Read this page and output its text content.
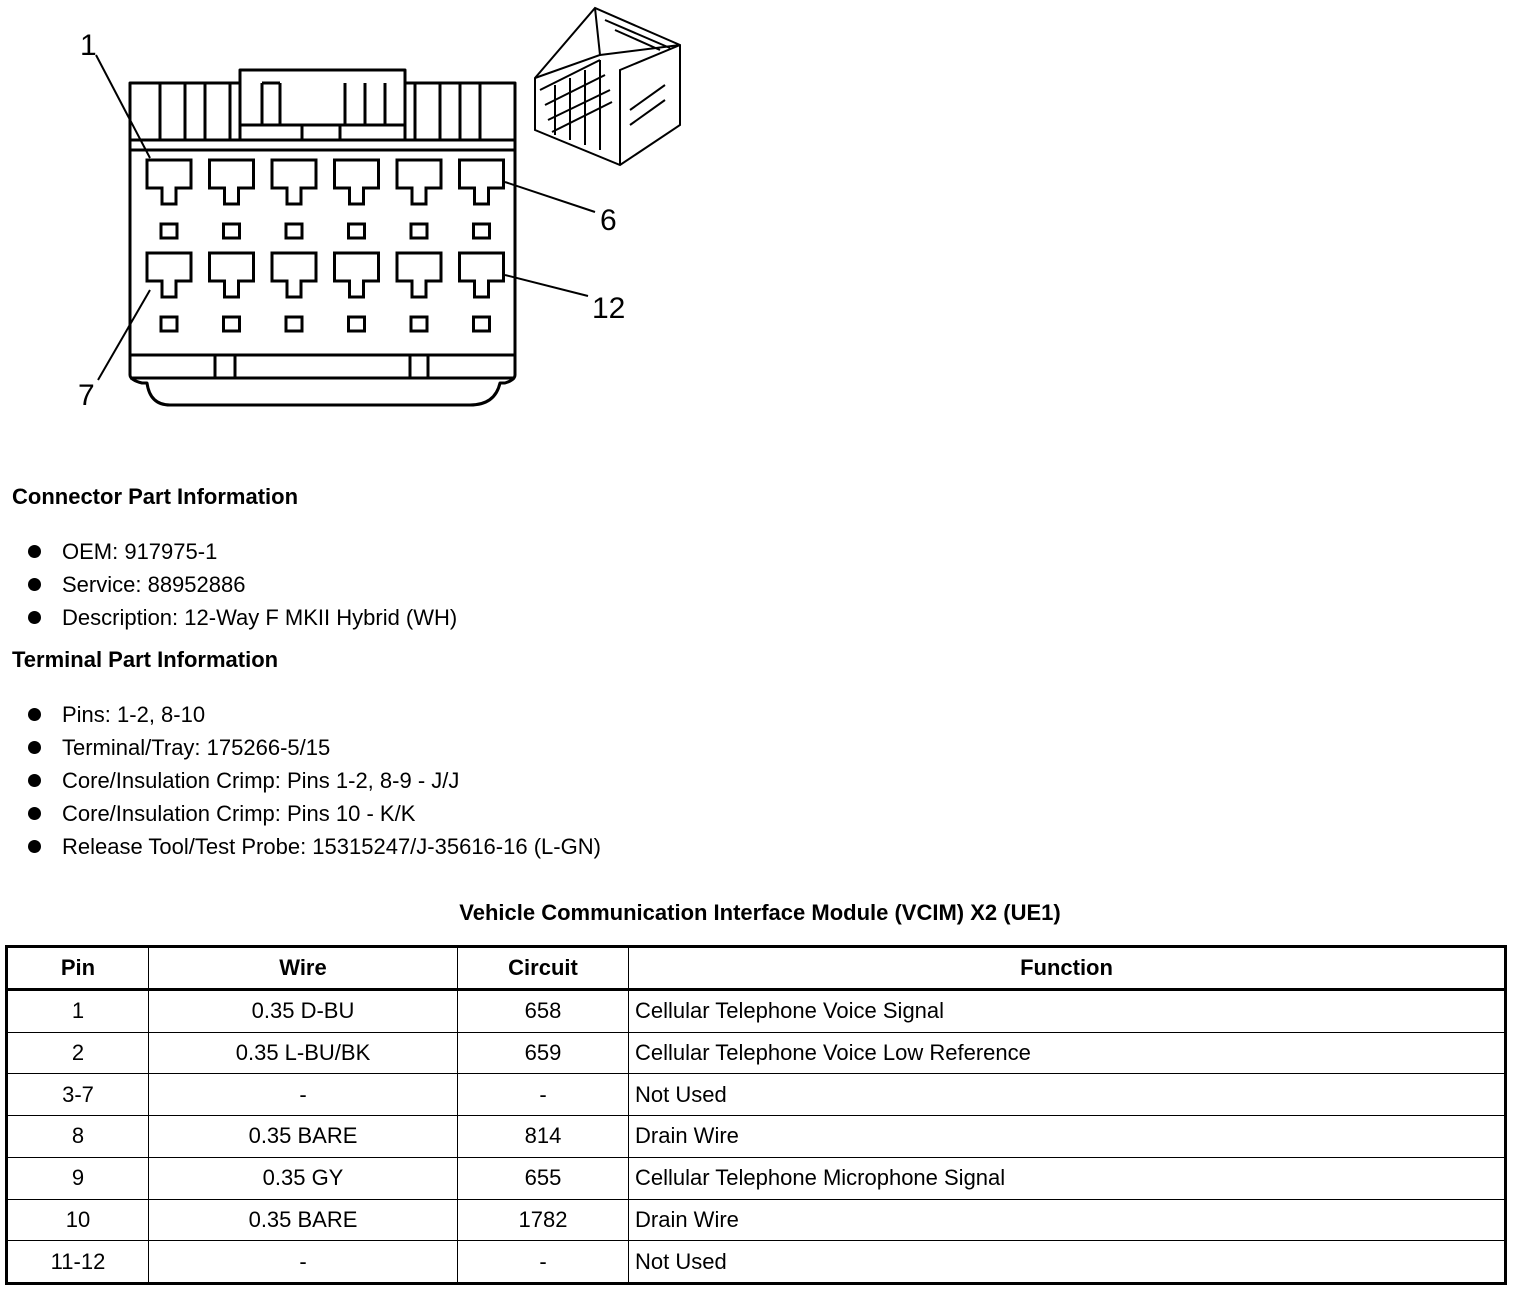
1
6
12
7
Connector Part Information
OEM: 917975-1
Service: 88952886
Description: 12-Way F MKII Hybrid (WH)
Terminal Part Information
Pins: 1-2, 8-10
Terminal/Tray: 175266-5/15
Core/Insulation Crimp: Pins 1-2, 8-9 - J/J
Core/Insulation Crimp: Pins 10 - K/K
Release Tool/Test Probe: 15315247/J-35616-16 (L-GN)
Vehicle Communication Interface Module (VCIM) X2 (UE1)
Pin	Wire	Circuit	Function
1	0.35 D-BU	658	Cellular Telephone Voice Signal
2	0.35 L-BU/BK	659	Cellular Telephone Voice Low Reference
3-7	-	-	Not Used
8	0.35 BARE	814	Drain Wire
9	0.35 GY	655	Cellular Telephone Microphone Signal
10	0.35 BARE	1782	Drain Wire
11-12	-	-	Not Used
